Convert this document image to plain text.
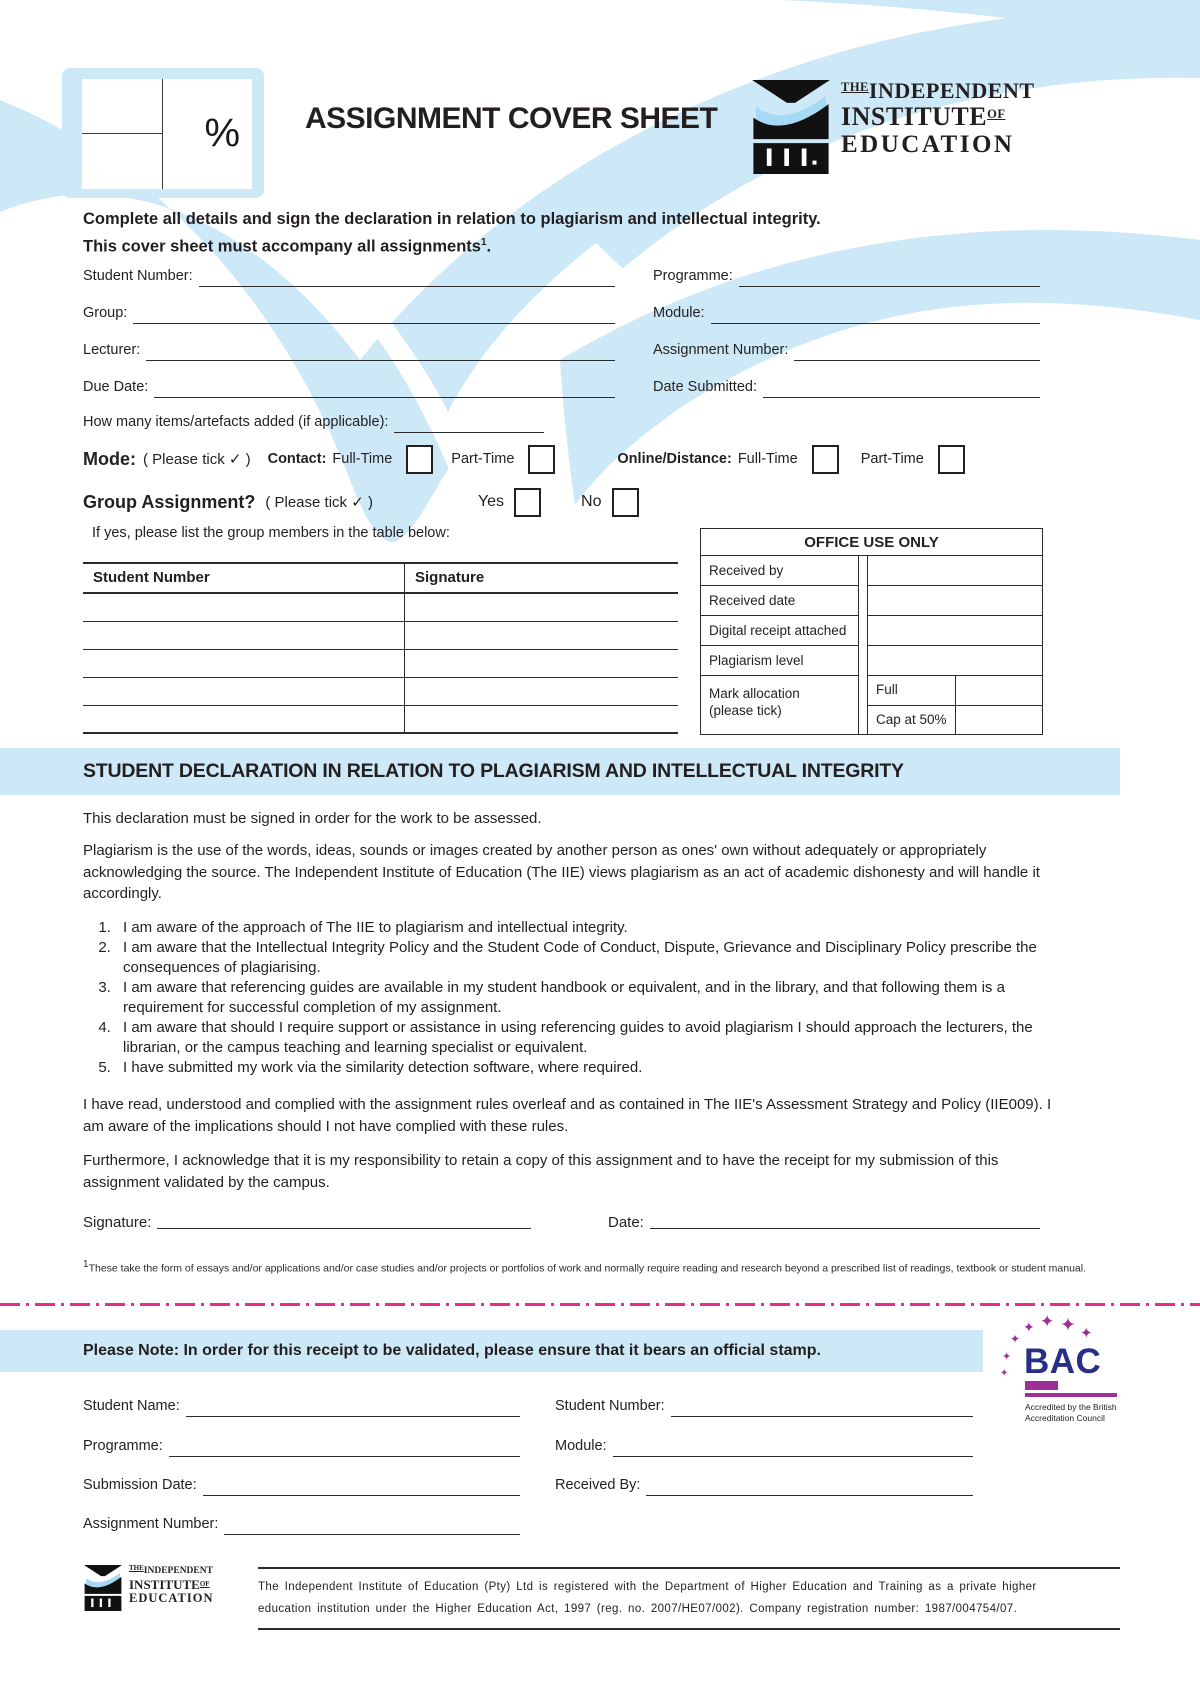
% ASSIGNMENT COVER SHEET
$^{THE}$INDEPENDENT
$INSTITUTE^{OF}$
EDUCATION
Complete all details and sign the declaration in relation to plagiarism and intellectual integrity.
This cover sheet must accompany all assignments$^1$.
Student Number:	Programme:
Group:	Module:
Lecturer:	Assignment Number:
Due Date:	Date Submitted:
How many items/artefacts added (if applicable):
Mode: ( Please tick ✓ ) Contact: Full-Time	Part-Time	Online/Distance: Full-Time	Part-Time
Group Assignment? ( Please tick ✓ )	Yes	No
If yes, please list the group members in the table below:
Student Number	Signature
OFFICE USE ONLY
Received by
Received date
Digital receipt attached
Plagiarism level
Mark allocation
(please tick)
Full
Cap at 50%
STUDENT DECLARATION IN RELATION TO PLAGIARISM AND INTELLECTUAL INTEGRITY
This declaration must be signed in order for the work to be assessed.
Plagiarism is the use of the words, ideas, sounds or images created by another person as ones' own without adequately or appropriately acknowledging the source. The Independent Institute of Education (The IIE) views plagiarism as an act of academic dishonesty and will handle it accordingly.
1. I am aware of the approach of The IIE to plagiarism and intellectual integrity.
2. I am aware that the Intellectual Integrity Policy and the Student Code of Conduct, Dispute, Grievance and Disciplinary Policy prescribe the consequences of plagiarising.
3. I am aware that referencing guides are available in my student handbook or equivalent, and in the library, and that following them is a requirement for successful completion of my assignment.
4. I am aware that should I require support or assistance in using referencing guides to avoid plagiarism I should approach the lecturers, the librarian, or the campus teaching and learning specialist or equivalent.
5. I have submitted my work via the similarity detection software, where required.
I have read, understood and complied with the assignment rules overleaf and as contained in The IIE's Assessment Strategy and Policy (IIE009). I am aware of the implications should I not have complied with these rules.
Furthermore, I acknowledge that it is my responsibility to retain a copy of this assignment and to have the receipt for my submission of this assignment validated by the campus.
Signature:	Date:
$^1$These take the form of essays and/or applications and/or case studies and/or projects or portfolios of work and normally require reading and research beyond a prescribed list of readings, textbook or student manual.
Please Note: In order for this receipt to be validated, please ensure that it bears an official stamp.
✦ ✦
✦	✦
✦
✦
✦ BAC
Accredited by the British
Accreditation Council
Student Name:	Student Number:
Programme:	Module:
Submission Date:	Received By:
Assignment Number:
$^{THE}$INDEPENDENT
$INSTITUTE^{OF}$
EDUCATION
The Independent Institute of Education (Pty) Ltd is registered with the Department of Higher Education and Training as a private higher
education institution under the Higher Education Act, 1997 (reg. no. 2007/HE07/002). Company registration number: 1987/004754/07.
